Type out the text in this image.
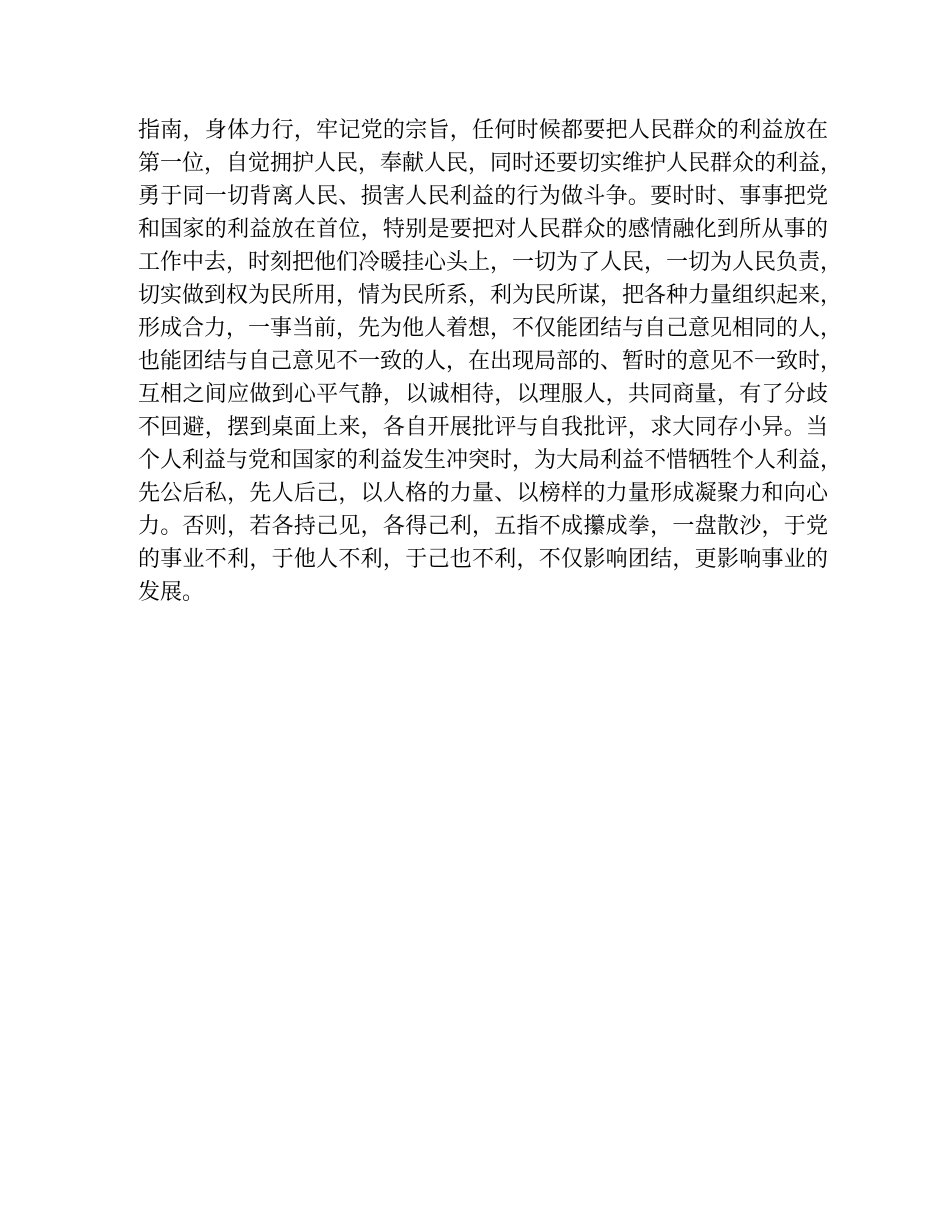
指南，身体力行，牢记党的宗旨，任何时候都要把人民群众的利益放在
第一位，自觉拥护人民，奉献人民，同时还要切实维护人民群众的利益，
勇于同一切背离人民、损害人民利益的行为做斗争。要时时、事事把党
和国家的利益放在首位，特别是要把对人民群众的感情融化到所从事的
工作中去，时刻把他们冷暖挂心头上，一切为了人民，一切为人民负责，
切实做到权为民所用，情为民所系，利为民所谋，把各种力量组织起来，
形成合力，一事当前，先为他人着想，不仅能团结与自己意见相同的人，
也能团结与自己意见不一致的人，在出现局部的、暂时的意见不一致时，
互相之间应做到心平气静，以诚相待，以理服人，共同商量，有了分歧
不回避，摆到桌面上来，各自开展批评与自我批评，求大同存小异。当
个人利益与党和国家的利益发生冲突时，为大局利益不惜牺牲个人利益，
先公后私，先人后己，以人格的力量、以榜样的力量形成凝聚力和向心
力。否则，若各持己见，各得己利，五指不成攥成拳，一盘散沙，于党
的事业不利，于他人不利，于己也不利，不仅影响团结，更影响事业的
发展。
